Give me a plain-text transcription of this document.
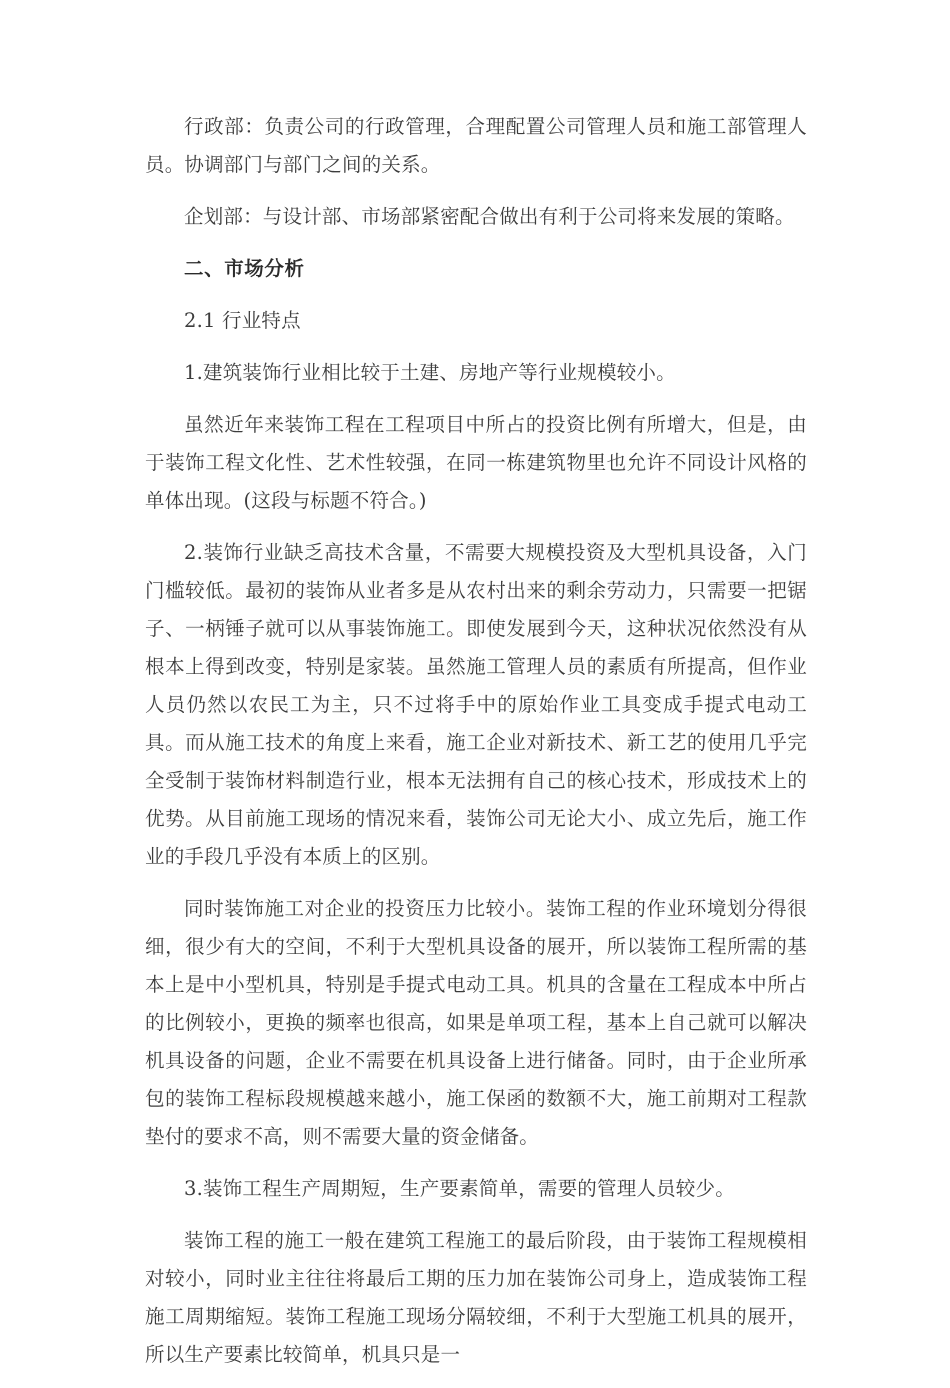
行政部：负责公司的行政管理，合理配置公司管理人员和施工部管理人员。协调部门与部门之间的关系。

企划部：与设计部、市场部紧密配合做出有利于公司将来发展的策略。

二、市场分析

2.1 行业特点

1.建筑装饰行业相比较于土建、房地产等行业规模较小。

虽然近年来装饰工程在工程项目中所占的投资比例有所增大，但是，由于装饰工程文化性、艺术性较强，在同一栋建筑物里也允许不同设计风格的单体出现。(这段与标题不符合。)

2.装饰行业缺乏高技术含量，不需要大规模投资及大型机具设备，入门门槛较低。最初的装饰从业者多是从农村出来的剩余劳动力，只需要一把锯子、一柄锤子就可以从事装饰施工。即使发展到今天，这种状况依然没有从根本上得到改变，特别是家装。虽然施工管理人员的素质有所提高，但作业人员仍然以农民工为主，只不过将手中的原始作业工具变成手提式电动工具。而从施工技术的角度上来看，施工企业对新技术、新工艺的使用几乎完全受制于装饰材料制造行业，根本无法拥有自己的核心技术，形成技术上的优势。从目前施工现场的情况来看，装饰公司无论大小、成立先后，施工作业的手段几乎没有本质上的区别。

同时装饰施工对企业的投资压力比较小。装饰工程的作业环境划分得很细，很少有大的空间，不利于大型机具设备的展开，所以装饰工程所需的基本上是中小型机具，特别是手提式电动工具。机具的含量在工程成本中所占的比例较小，更换的频率也很高，如果是单项工程，基本上自己就可以解决机具设备的问题，企业不需要在机具设备上进行储备。同时，由于企业所承包的装饰工程标段规模越来越小，施工保函的数额不大，施工前期对工程款垫付的要求不高，则不需要大量的资金储备。

3.装饰工程生产周期短，生产要素简单，需要的管理人员较少。

装饰工程的施工一般在建筑工程施工的最后阶段，由于装饰工程规模相对较小，同时业主往往将最后工期的压力加在装饰公司身上，造成装饰工程施工周期缩短。装饰工程施工现场分隔较细，不利于大型施工机具的展开，所以生产要素比较简单，机具只是一
